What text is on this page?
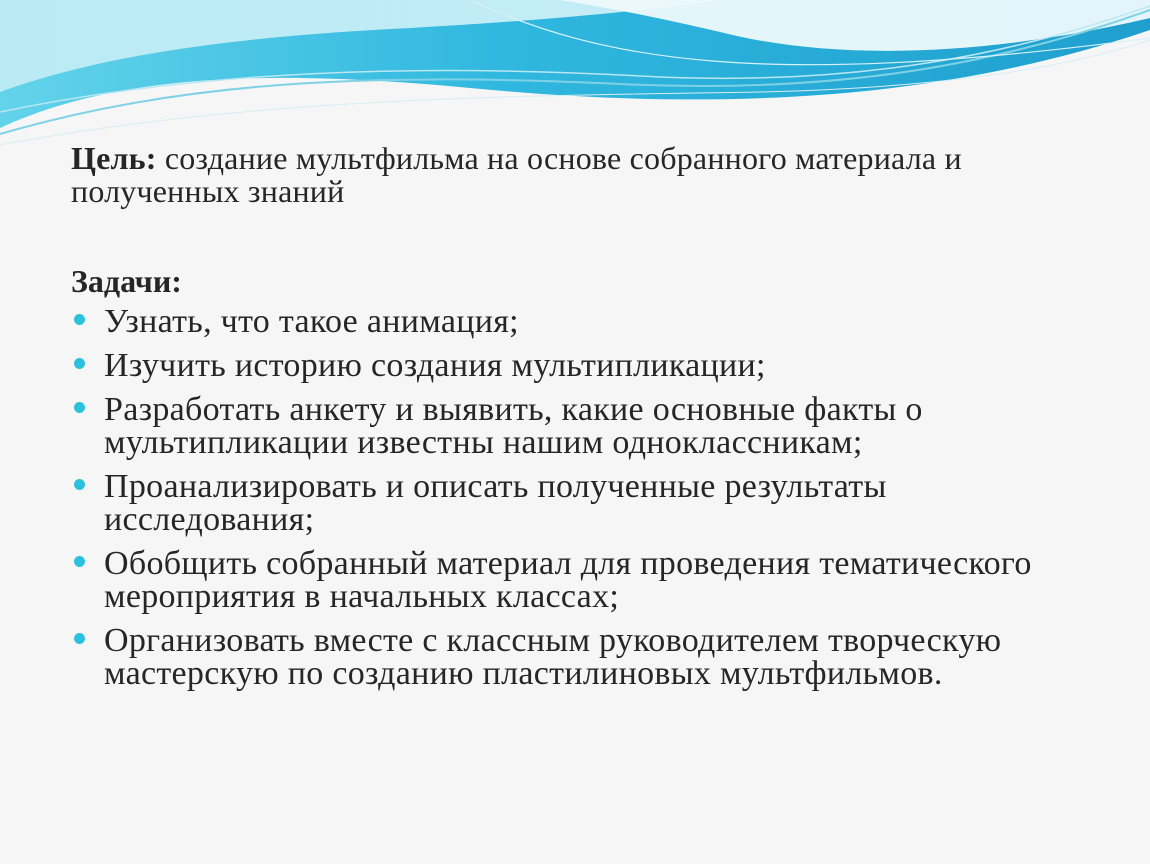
Цель: создание мультфильма на основе собранного материала и полученных знаний

Задачи:
Узнать, что такое анимация;
Изучить историю создания мультипликации;
Разработать анкету и выявить, какие основные факты о мультипликации известны нашим одноклассникам;
Проанализировать и описать полученные результаты исследования;
Обобщить собранный материал для проведения тематического мероприятия в начальных классах;
Организовать вместе с классным руководителем творческую мастерскую по созданию пластилиновых мультфильмов.
